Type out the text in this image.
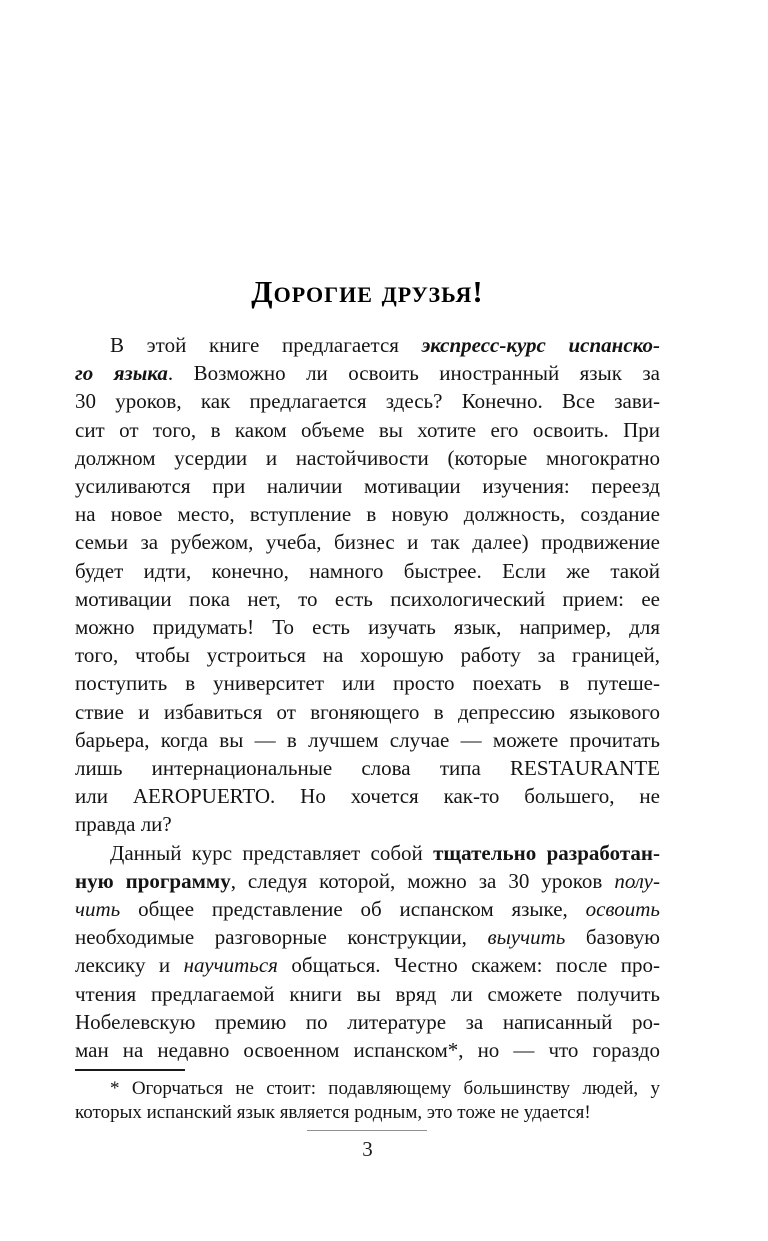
Дорогие друзья!
В этой книге предлагается экспресс-курс испанско-
го языка. Возможно ли освоить иностранный язык за
30 уроков, как предлагается здесь? Конечно. Все зави-
сит от того, в каком объеме вы хотите его освоить. При
должном усердии и настойчивости (которые многократно
усиливаются при наличии мотивации изучения: переезд
на новое место, вступление в новую должность, создание
семьи за рубежом, учеба, бизнес и так далее) продвижение
будет идти, конечно, намного быстрее. Если же такой
мотивации пока нет, то есть психологический прием: ее
можно придумать! То есть изучать язык, например, для
того, чтобы устроиться на хорошую работу за границей,
поступить в университет или просто поехать в путеше-
ствие и избавиться от вгоняющего в депрессию языкового
барьера, когда вы — в лучшем случае — можете прочитать
лишь интернациональные слова типа RESTAURANTE
или AEROPUERTO. Но хочется как-то большего, не
правда ли?
Данный курс представляет собой тщательно разработан-
ную программу, следуя которой, можно за 30 уроков полу-
чить общее представление об испанском языке, освоить
необходимые разговорные конструкции, выучить базовую
лексику и научиться общаться. Честно скажем: после про-
чтения предлагаемой книги вы вряд ли сможете получить
Нобелевскую премию по литературе за написанный ро-
ман на недавно освоенном испанском*, но — что гораздо
* Огорчаться не стоит: подавляющему большинству людей, у
которых испанский язык является родным, это тоже не удается!
3
